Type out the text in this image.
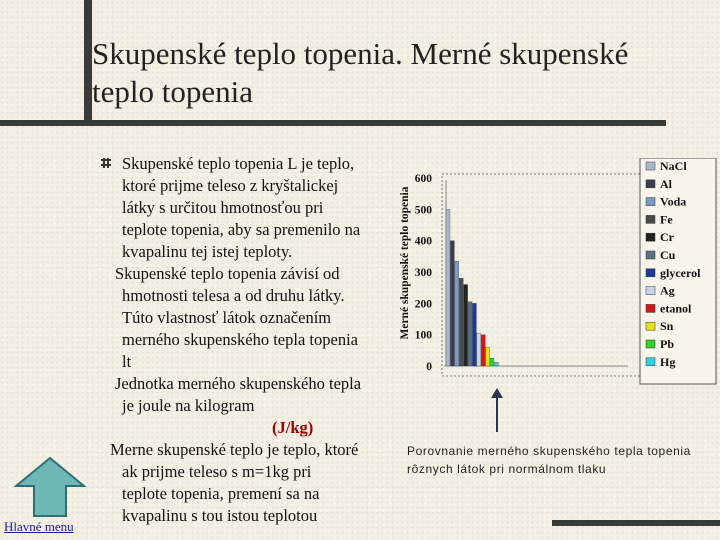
Skupenské teplo topenia. Merné skupenské
teplo topenia
Skupenské teplo topenia L je teplo,
ktoré prijme teleso z kryštalickej
látky s určitou hmotnosťou pri
teplote topenia, aby sa premenilo na
kvapalinu tej istej teploty.
Skupenské teplo topenia závisí od
hmotnosti telesa a od druhu látky.
Túto vlastnosť látok označením
merného skupenského tepla topenia
lt
Jednotka merného skupenského tepla
je joule na kilogram
(J/kg)
Merne skupenské teplo je teplo, ktoré
ak prijme teleso s m=1kg pri
teplote topenia, premení sa na
kvapalinu s tou istou teplotou
Hlavné menu
Merné skupenské teplo topenia
0
100
200
300
400
500
600
NaCl
Al
Voda
Fe
Cr
Cu
glycerol
Ag
etanol
Sn
Pb
Hg
Porovnanie merného skupenského tepla topenia
rôznych látok pri normálnom tlaku
